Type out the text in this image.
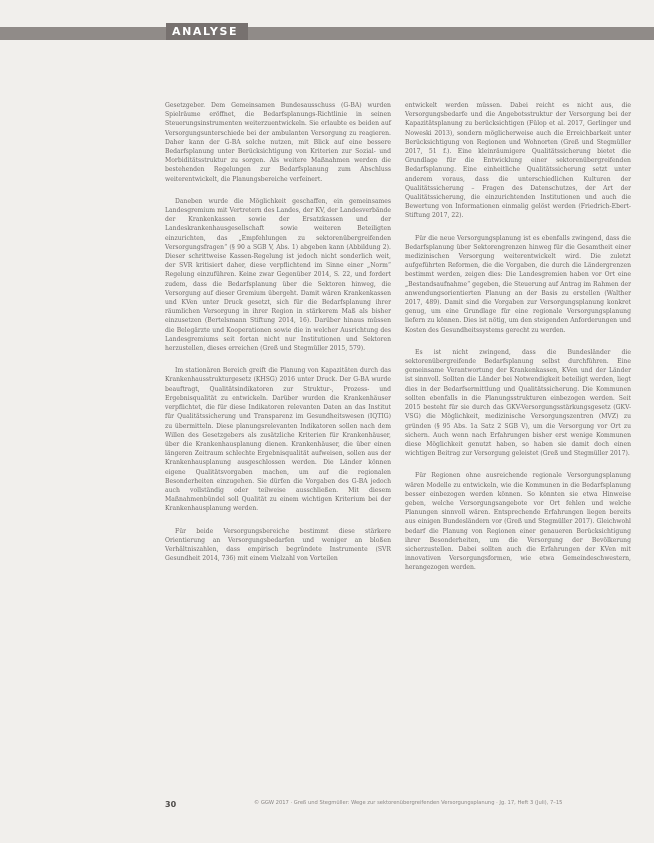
ANALYSE

Gesetzgeber. Dem Gemeinsamen Bundesausschuss (G-BA) wurden Spielräume eröffnet, die Bedarfsplanungs-Richtlinie in seinen Steuerungsinstrumenten weiterzuentwickeln. Sie erlaubte es beiden auf Versorgungsunterschiede bei der ambulanten Versorgung zu reagieren. Daher kann der G-BA solche nutzen, mit Blick auf eine bessere Bedarfsplanung unter Berücksichtigung von Kriterien zur Sozial- und Morbiditätsstruktur zu sorgen. Als weitere Maßnahmen werden die bestehenden Regelungen zur Bedarfsplanung zum Abschluss weiterentwickelt, die Planungsbereiche verfeinert.

Daneben wurde die Möglichkeit geschaffen, ein gemeinsames Landesgremium mit Vertretern des Landes, der KV, der Landesverbände der Krankenkassen sowie der Ersatzkassen und der Landeskrankenhausgesellschaft sowie weiteren Beteiligten einzurichten, das „Empfehlungen zu sektorenübergreifenden Versorgungsfragen“ (§ 90 a SGB V, Abs. 1) abgeben kann (Abbildung 2). Dieser schrittweise Kassen-Regelung ist jedoch nicht sonderlich weit, der SVR kritisiert daher, diese verpflichtend im Sinne einer „Norm“ Regelung einzuführen. Keine zwar Gegenüber 2014, S. 22, und fordert zudem, dass die Bedarfsplanung über die Sektoren hinweg, die Versorgung auf dieser Gremium übergeht. Damit wären Krankenkassen und KVen unter Druck gesetzt, sich für die Bedarfsplanung ihrer räumlichen Versorgung in ihrer Region in stärkerem Maß als bisher einzusetzen (Bertelsmann Stiftung 2014, 16). Darüber hinaus müssen die Belegärzte und Kooperationen sowie die in welcher Ausrichtung des Landesgremiums seit fortan nicht nur Institutionen und Sektoren herzustellen, dieses erreichen (Greß und Stegmüller 2015, 579).

Im stationären Bereich greift die Planung von Kapazitäten durch das Krankenhausstrukturgesetz (KHSG) 2016 unter Druck. Der G-BA wurde beauftragt, Qualitätsindikatoren zur Struktur-, Prozess- und Ergebnisqualität zu entwickeln. Darüber wurden die Krankenhäuser verpflichtet, die für diese Indikatoren relevanten Daten an das Institut für Qualitätssicherung und Transparenz im Gesundheitswesen (IQTIG) zu übermitteln. Diese planungsrelevanten Indikatoren sollen nach dem Willen des Gesetzgebers als zusätzliche Kriterien für Krankenhäuser, über die Krankenhausplanung dienen. Krankenhäuser, die über einen längeren Zeitraum schlechte Ergebnisqualität aufweisen, sollen aus der Krankenhausplanung ausgeschlossen werden. Die Länder können eigene Qualitätsvorgaben machen, um auf die regionalen Besonderheiten einzugehen. Sie dürfen die Vorgaben des G-BA jedoch auch vollständig oder teilweise ausschließen. Mit diesem Maßnahmenbündel soll Qualität zu einem wichtigen Kriterium bei der Krankenhausplanung werden.

Für beide Versorgungsbereiche bestimmt diese stärkere Orientierung an Versorgungsbedarfen und weniger an bloßen Verhältniszahlen, dass empirisch begründete Instrumente (SVR Gesundheit 2014, 736) mit einem Vielzahl von Vorteilen

entwickelt werden müssen. Dabei reicht es nicht aus, die Versorgungsbedarfe und die Angebotsstruktur der Versorgung bei der Kapazitätsplanung zu berücksichtigen (Fülop et al. 2017, Gerlinger und Noweski 2013), sondern möglicherweise auch die Erreichbarkeit unter Berücksichtigung von Regionen und Wohnorten (Greß und Stegmüller 2017, 51 f.). Eine kleinräumigere Qualitätssicherung bietet die Grundlage für die Entwicklung einer sektorenübergreifenden Bedarfsplanung. Eine einheitliche Qualitätssicherung setzt unter anderem voraus, dass die unterschiedlichen Kulturen der Qualitätssicherung – Fragen des Datenschutzes, der Art der Qualitätssicherung, die einzurichtenden Institutionen und auch die Bewertung von Informationen einmalig gelöst werden (Friedrich-Ebert-Stiftung 2017, 22).

Für die neue Versorgungsplanung ist es ebenfalls zwingend, dass die Bedarfsplanung über Sektorengrenzen hinweg für die Gesamtheit einer medizinischen Versorgung weiterentwickelt wird. Die zuletzt aufgeführten Reformen, die die Vorgaben, die durch die Ländergrenzen bestimmt werden, zeigen dies: Die Landesgremien haben vor Ort eine „Bestandsaufnahme“ gegeben, die Steuerung auf Antrag im Rahmen der anwendungsorientierten Planung an der Basis zu erstellen (Walther 2017, 489). Damit sind die Vorgaben zur Versorgungsplanung konkret genug, um eine Grundlage für eine regionale Versorgungsplanung liefern zu können. Dies ist nötig, um den steigenden Anforderungen und Kosten des Gesundheitssystems gerecht zu werden.

Es ist nicht zwingend, dass die Bundesländer die sektorenübergreifende Bedarfsplanung selbst durchführen. Eine gemeinsame Verantwortung der Krankenkassen, KVen und der Länder ist sinnvoll. Sollten die Länder bei Notwendigkeit beteiligt werden, liegt dies in der Bedarfsermittlung und Qualitätssicherung. Die Kommunen sollten ebenfalls in die Planungsstrukturen einbezogen werden. Seit 2015 besteht für sie durch das GKV-Versorgungsstärkungsgesetz (GKV-VSG) die Möglichkeit, medizinische Versorgungszentren (MVZ) zu gründen (§ 95 Abs. 1a Satz 2 SGB V), um die Versorgung vor Ort zu sichern. Auch wenn nach Erfahrungen bisher erst wenige Kommunen diese Möglichkeit genutzt haben, so haben sie damit doch einen wichtigen Beitrag zur Versorgung geleistet (Greß und Stegmüller 2017).

Für Regionen ohne ausreichende regionale Versorgungsplanung wären Modelle zu entwickeln, wie die Kommunen in die Bedarfsplanung besser einbezogen werden können. So könnten sie etwa Hinweise geben, welche Versorgungsangebote vor Ort fehlen und welche Planungen sinnvoll wären. Entsprechende Erfahrungen liegen bereits aus einigen Bundesländern vor (Greß und Stegmüller 2017). Gleichwohl bedarf die Planung von Regionen einer genaueren Berücksichtigung ihrer Besonderheiten, um die Versorgung der Bevölkerung sicherzustellen. Dabei sollten auch die Erfahrungen der KVen mit innovativen Versorgungsformen, wie etwa Gemeindeschwestern, herangezogen werden.

30	© GGW 2017 · Greß und Stegmüller: Wege zur sektorenübergreifenden Versorgungsplanung · Jg. 17, Heft 3 (Juli), 7–15
